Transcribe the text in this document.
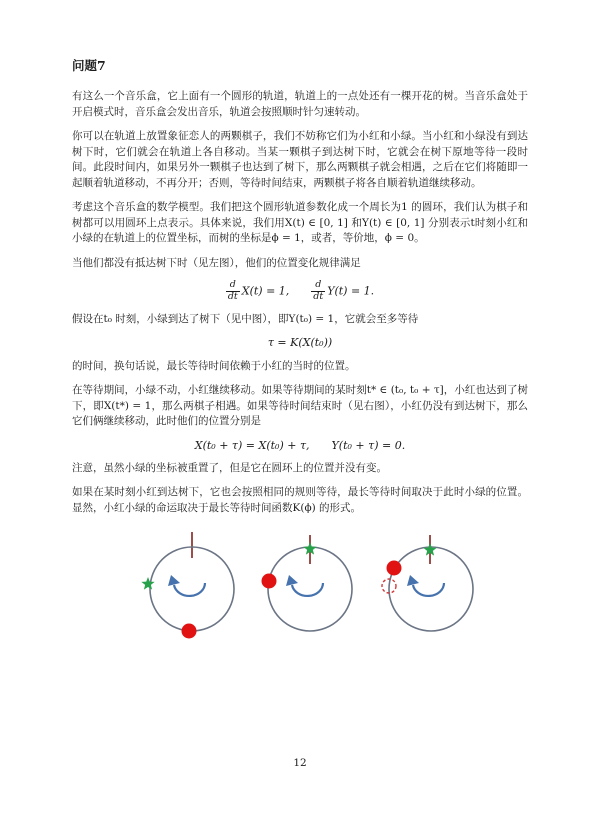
问题7

有这么一个音乐盒，它上面有一个圆形的轨道，轨道上的一点处还有一棵开花的树。当音乐盒处于开启模式时，音乐盒会发出音乐，轨道会按照顺时针匀速转动。

你可以在轨道上放置象征恋人的两颗棋子，我们不妨称它们为小红和小绿。当小红和小绿没有到达树下时，它们就会在轨道上各自移动。当某一颗棋子到达树下时，它就会在树下原地等待一段时间。此段时间内，如果另外一颗棋子也达到了树下，那么两颗棋子就会相遇，之后在它们将随即一起顺着轨道移动，不再分开；否则，等待时间结束，两颗棋子将各自顺着轨道继续移动。

考虑这个音乐盒的数学模型。我们把这个圆形轨道参数化成一个周长为1 的圆环，我们认为棋子和树都可以用圆环上点表示。具体来说，我们用X(t) ∈ [0, 1] 和Y(t) ∈ [0, 1] 分别表示t时刻小红和小绿的在轨道上的位置坐标，而树的坐标是ϕ = 1，或者，等价地，ϕ = 0。

当他们都没有抵达树下时（见左图），他们的位置变化规律满足

$\frac{d}{dt} X(t) = 1$, $\frac{d}{dt} Y(t) = 1$.

假设在t₀ 时刻，小绿到达了树下（见中图），即Y(t₀) = 1，它就会至多等待

τ = K(X(t₀))

的时间，换句话说，最长等待时间依赖于小红的当时的位置。

在等待期间，小绿不动，小红继续移动。如果等待期间的某时刻t* ∈ (t₀, t₀ + τ]，小红也达到了树下，即X(t*) = 1，那么两棋子相遇。如果等待时间结束时（见右图），小红仍没有到达树下，那么它们俩继续移动，此时他们的位置分别是

X(t₀ + τ) = X(t₀) + τ, Y(t₀ + τ) = 0.

注意，虽然小绿的坐标被重置了，但是它在圆环上的位置并没有变。

如果在某时刻小红到达树下，它也会按照相同的规则等待，最长等待时间取决于此时小绿的位置。显然，小红小绿的命运取决于最长等待时间函数K(ϕ) 的形式。

12
